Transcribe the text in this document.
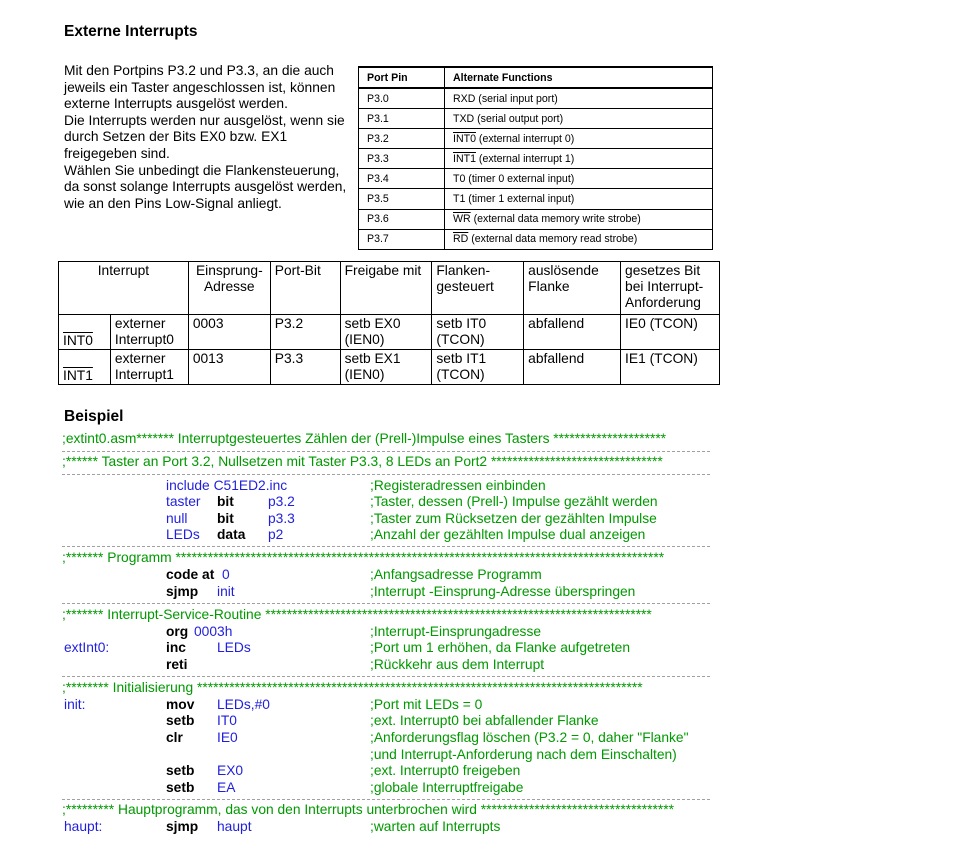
Externe Interrupts

Mit den Portpins P3.2 und P3.3, an die auch jeweils ein Taster angeschlossen ist, können externe Interrupts ausgelöst werden.

Die Interrupts werden nur ausgelöst, wenn sie durch Setzen der Bits EX0 bzw. EX1 freigegeben sind.

Wählen Sie unbedingt die Flankensteuerung, da sonst solange Interrupts ausgelöst werden, wie an den Pins Low-Signal anliegt.

Port Pin	Alternate Functions
P3.0	RXD (serial input port)
P3.1	TXD (serial output port)
P3.2	INT0 (external interrupt 0)
P3.3	INT1 (external interrupt 1)
P3.4	T0 (timer 0 external input)
P3.5	T1 (timer 1 external input)
P3.6	$\overline{WR}$ (external data memory write strobe)
P3.7	$\overline{RD}$ (external data memory read strobe)
Interrupt		Einsprung-Adresse	Port-Bit	Freigabe mit	Flanken-gesteuert	auslösende Flanke	gesetzes Bit bei Interrupt-Anforderung
INT0	externer Interrupt0	0003	P3.2	setb EX0 (IEN0)	setb IT0 (TCON)	abfallend	IE0 (TCON)
INT1	externer Interrupt1	0013	P3.3	setb EX1 (IEN0)	setb IT1 (TCON)	abfallend	IE1 (TCON)
Beispiel
;extint0.asm******* Interruptgesteuertes Zählen der (Prell-)Impulse eines Tasters *********************
;****** Taster an Port 3.2, Nullsetzen mit Taster P3.3, 8 LEDs an Port2 ********************************
include C51ED2.inc	;Registeradressen einbinden
taster bit p3.2	;Taster, dessen (Prell-) Impulse gezählt werden
null bit p3.3	;Taster zum Rücksetzen der gezählten Impulse
LEDs data p2	;Anzahl der gezählten Impulse dual anzeigen
;******* Programm *******************************************************************************************
code at 0	;Anfangsadresse Programm
sjmp init	;Interrupt -Einsprung-Adresse überspringen
;******* Interrupt-Service-Routine ************************************************************************
org 0003h	;Interrupt-Einsprungadresse
extInt0:	inc LEDs	;Port um 1 erhöhen, da Flanke aufgetreten
reti	;Rückkehr aus dem Interrupt
;******** Initialisierung ***********************************************************************************
init:	mov LEDs,#0	;Port mit LEDs = 0
setb IT0	;ext. Interrupt0 bei abfallender Flanke
clr IE0	;Anforderungsflag löschen (P3.2 = 0, daher "Flanke"
;und Interrupt-Anforderung nach dem Einschalten)
setb EX0	;ext. Interrupt0 freigeben
setb EA	;globale Interruptfreigabe
;********* Hauptprogramm, das von den Interrupts unterbrochen wird ************************************
haupt:	sjmp haupt	;warten auf Interrupts
